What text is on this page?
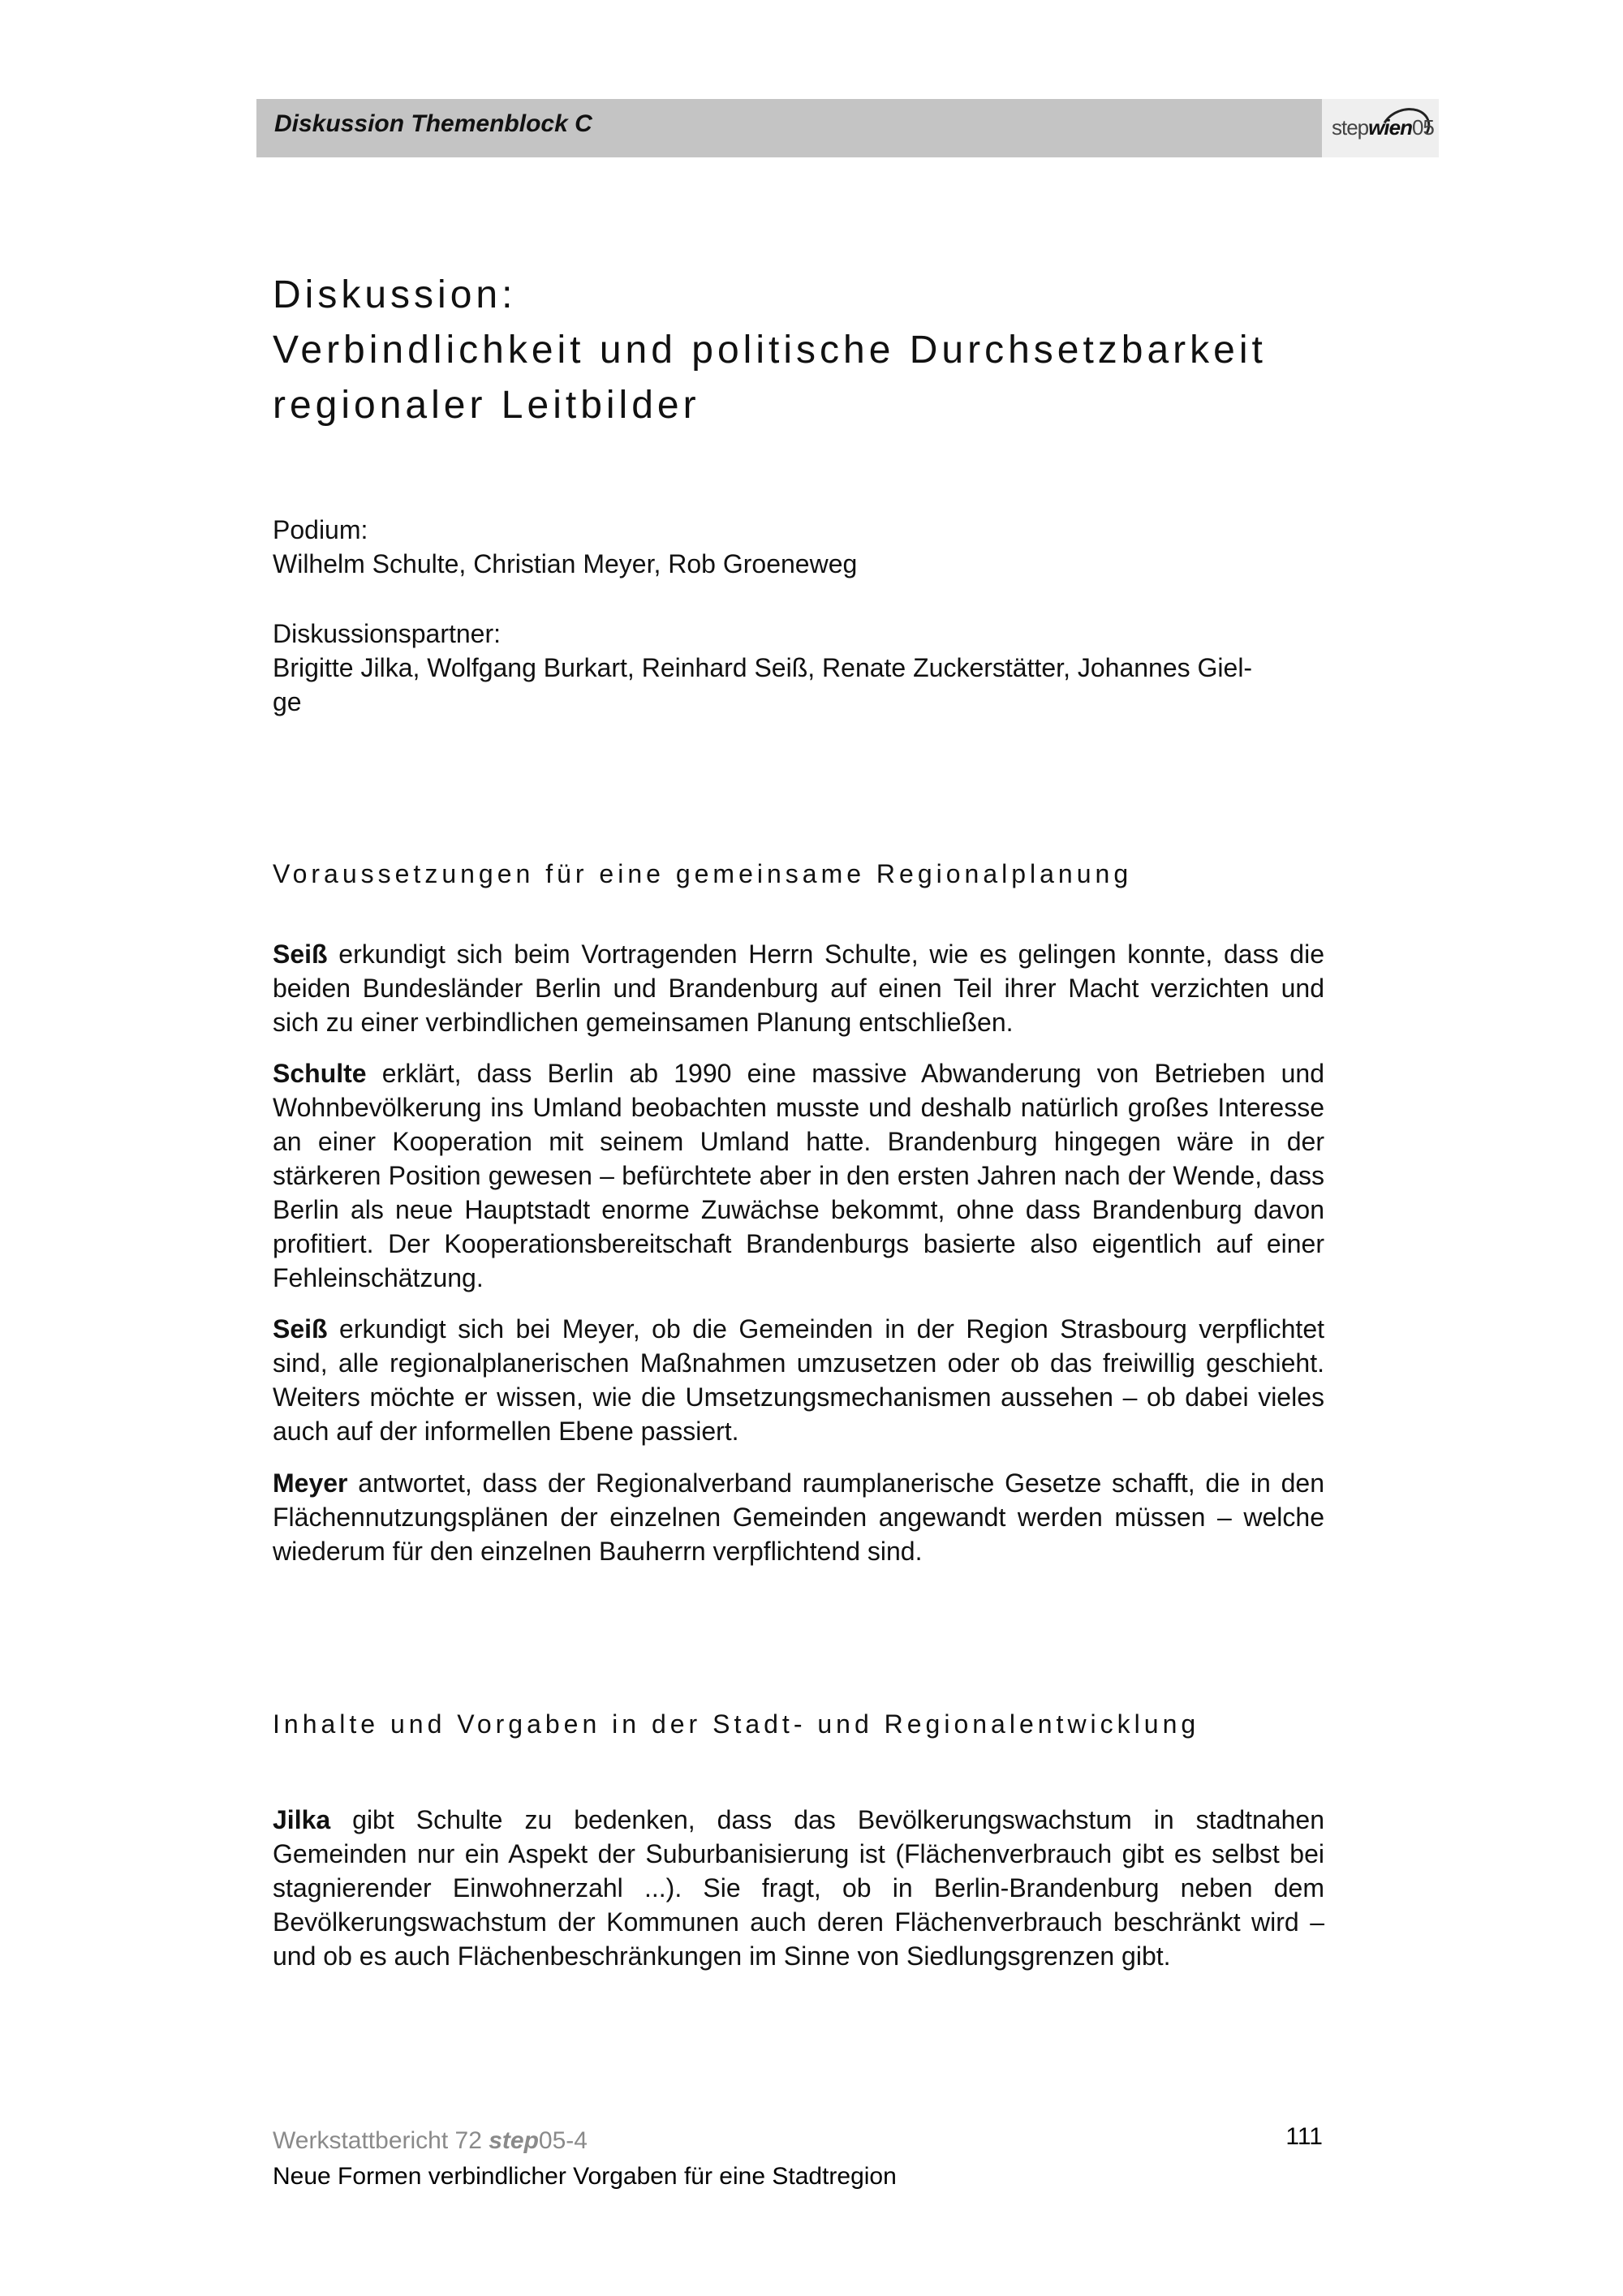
Diskussion Themenblock C	stepwien05
Diskussion:
Verbindlichkeit und politische Durchsetzbarkeit
regionaler Leitbilder
Podium:
Wilhelm Schulte, Christian Meyer, Rob Groeneweg
Diskussionspartner:
Brigitte Jilka, Wolfgang Burkart, Reinhard Seiß, Renate Zuckerstätter, Johannes Giel-
ge
Voraussetzungen für eine gemeinsame Regionalplanung
Seiß erkundigt sich beim Vortragenden Herrn Schulte, wie es gelingen konnte, dass die beiden Bundesländer Berlin und Brandenburg auf einen Teil ihrer Macht verzichten und sich zu einer verbindlichen gemeinsamen Planung entschließen.
Schulte erklärt, dass Berlin ab 1990 eine massive Abwanderung von Betrieben und Wohnbevölkerung ins Umland beobachten musste und deshalb natürlich großes Interesse an einer Kooperation mit seinem Umland hatte. Brandenburg hingegen wäre in der stärkeren Position gewesen – befürchtete aber in den ersten Jahren nach der Wende, dass Berlin als neue Hauptstadt enorme Zuwächse bekommt, ohne dass Brandenburg davon profitiert. Der Kooperationsbereitschaft Brandenburgs basierte also eigentlich auf einer Fehleinschätzung.
Seiß erkundigt sich bei Meyer, ob die Gemeinden in der Region Strasbourg verpflichtet sind, alle regionalplanerischen Maßnahmen umzusetzen oder ob das freiwillig geschieht. Weiters möchte er wissen, wie die Umsetzungsmechanismen aussehen – ob dabei vieles auch auf der informellen Ebene passiert.
Meyer antwortet, dass der Regionalverband raumplanerische Gesetze schafft, die in den Flächennutzungsplänen der einzelnen Gemeinden angewandt werden müssen – welche wiederum für den einzelnen Bauherrn verpflichtend sind.
Inhalte und Vorgaben in der Stadt- und Regionalentwicklung
Jilka gibt Schulte zu bedenken, dass das Bevölkerungswachstum in stadtnahen Gemeinden nur ein Aspekt der Suburbanisierung ist (Flächenverbrauch gibt es selbst bei stagnierender Einwohnerzahl ...). Sie fragt, ob in Berlin-Brandenburg neben dem Bevölkerungswachstum der Kommunen auch deren Flächenverbrauch beschränkt wird – und ob es auch Flächenbeschränkungen im Sinne von Siedlungsgrenzen gibt.
Werkstattbericht 72 step05-4
Neue Formen verbindlicher Vorgaben für eine Stadtregion
111
